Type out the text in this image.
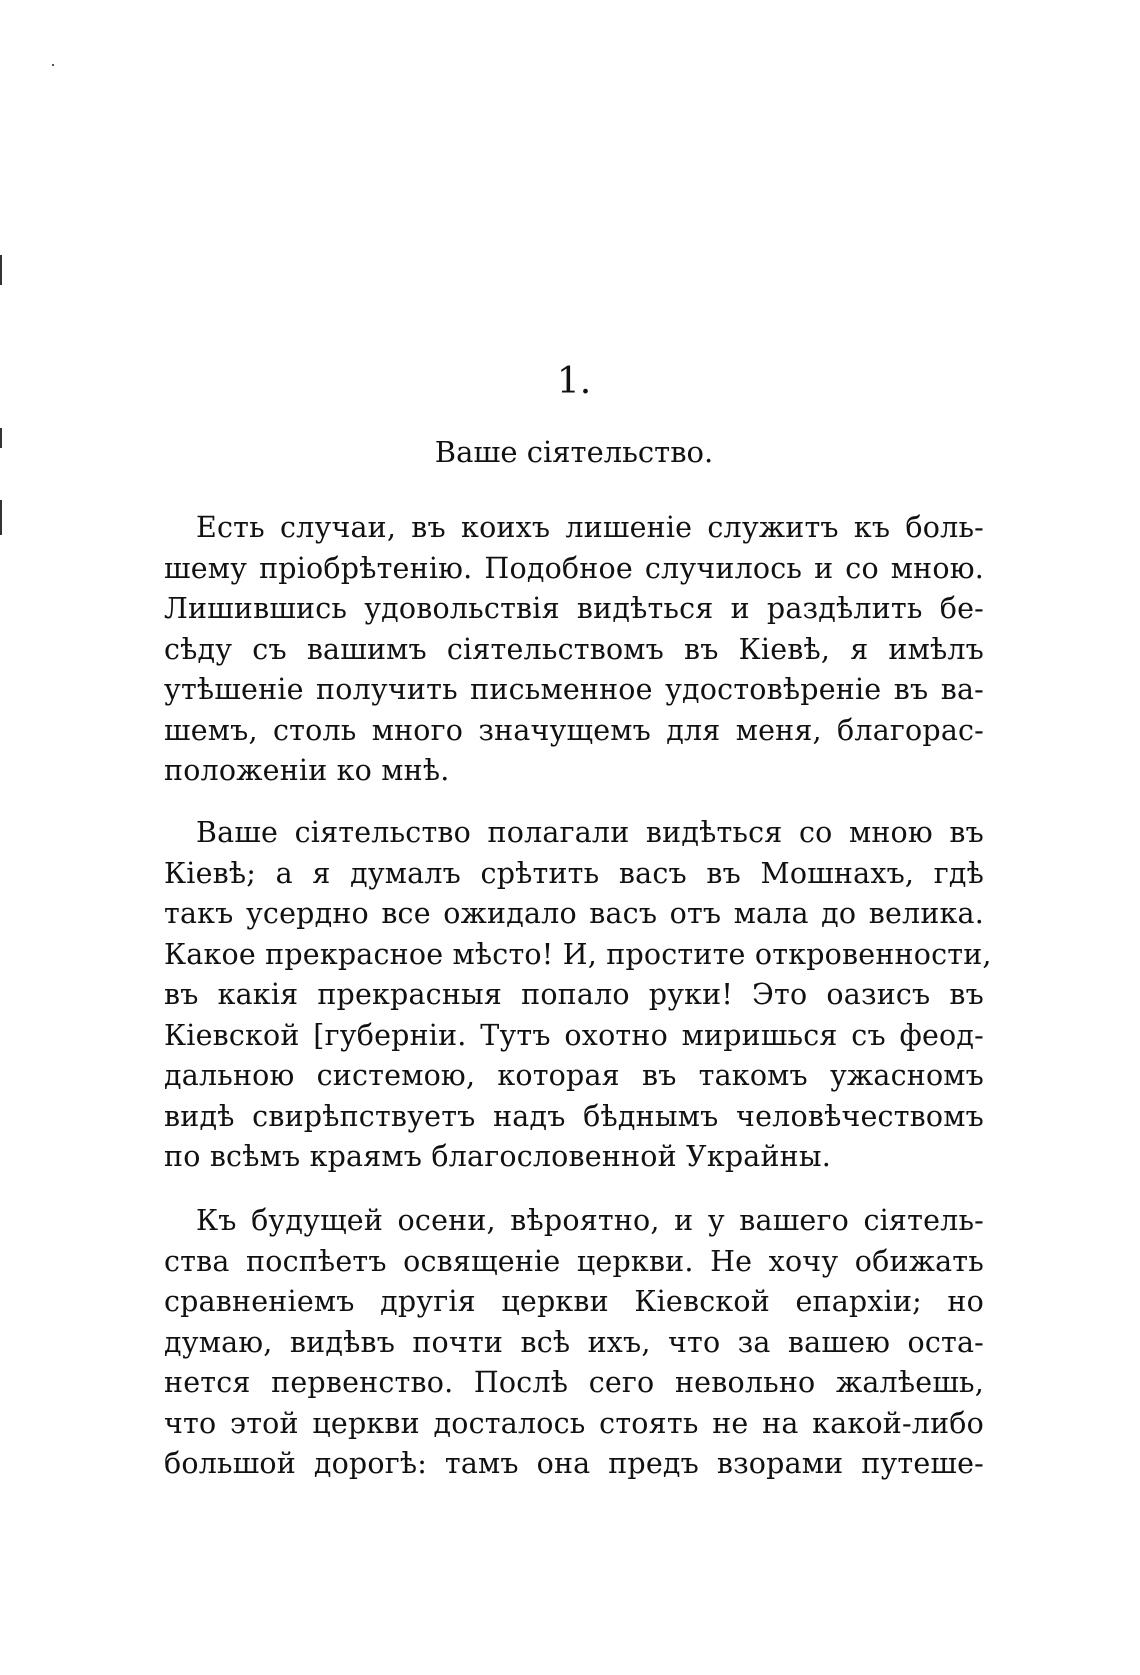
1.

Ваше сіятельство.

Есть случаи, въ коихъ лишеніе служитъ къ боль-
шему пріобрѣтенію. Подобное случилось и со мною.
Лишившись удовольствія видѣться и раздѣлить бе-
сѣду съ вашимъ сіятельствомъ въ Кіевѣ, я имѣлъ
утѣшеніе получить письменное удостовѣреніе въ ва-
шемъ, столь много значущемъ для меня, благорас-
положеніи ко мнѣ.
Ваше сіятельство полагали видѣться со мною въ
Кіевѣ; а я думалъ срѣтить васъ въ Мошнахъ, гдѣ
такъ усердно все ожидало васъ отъ мала до велика.
Какое прекрасное мѣсто! И, простите откровенности,
въ какія прекрасныя попало руки! Это оазисъ въ
Кіевской [губерніи. Тутъ охотно миришься съ феод-
дальною системою, которая въ такомъ ужасномъ
видѣ свирѣпствуетъ надъ бѣднымъ человѣчествомъ
по всѣмъ краямъ благословенной Украйны.
Къ будущей осени, вѣроятно, и у вашего сіятель-
ства поспѣетъ освященіе церкви. Не хочу обижать
сравненіемъ другія церкви Кіевской епархіи; но
думаю, видѣвъ почти всѣ ихъ, что за вашею оста-
нется первенство. Послѣ сего невольно жалѣешь,
что этой церкви досталось стоять не на какой-либо
большой дорогѣ: тамъ она предъ взорами путеше-
